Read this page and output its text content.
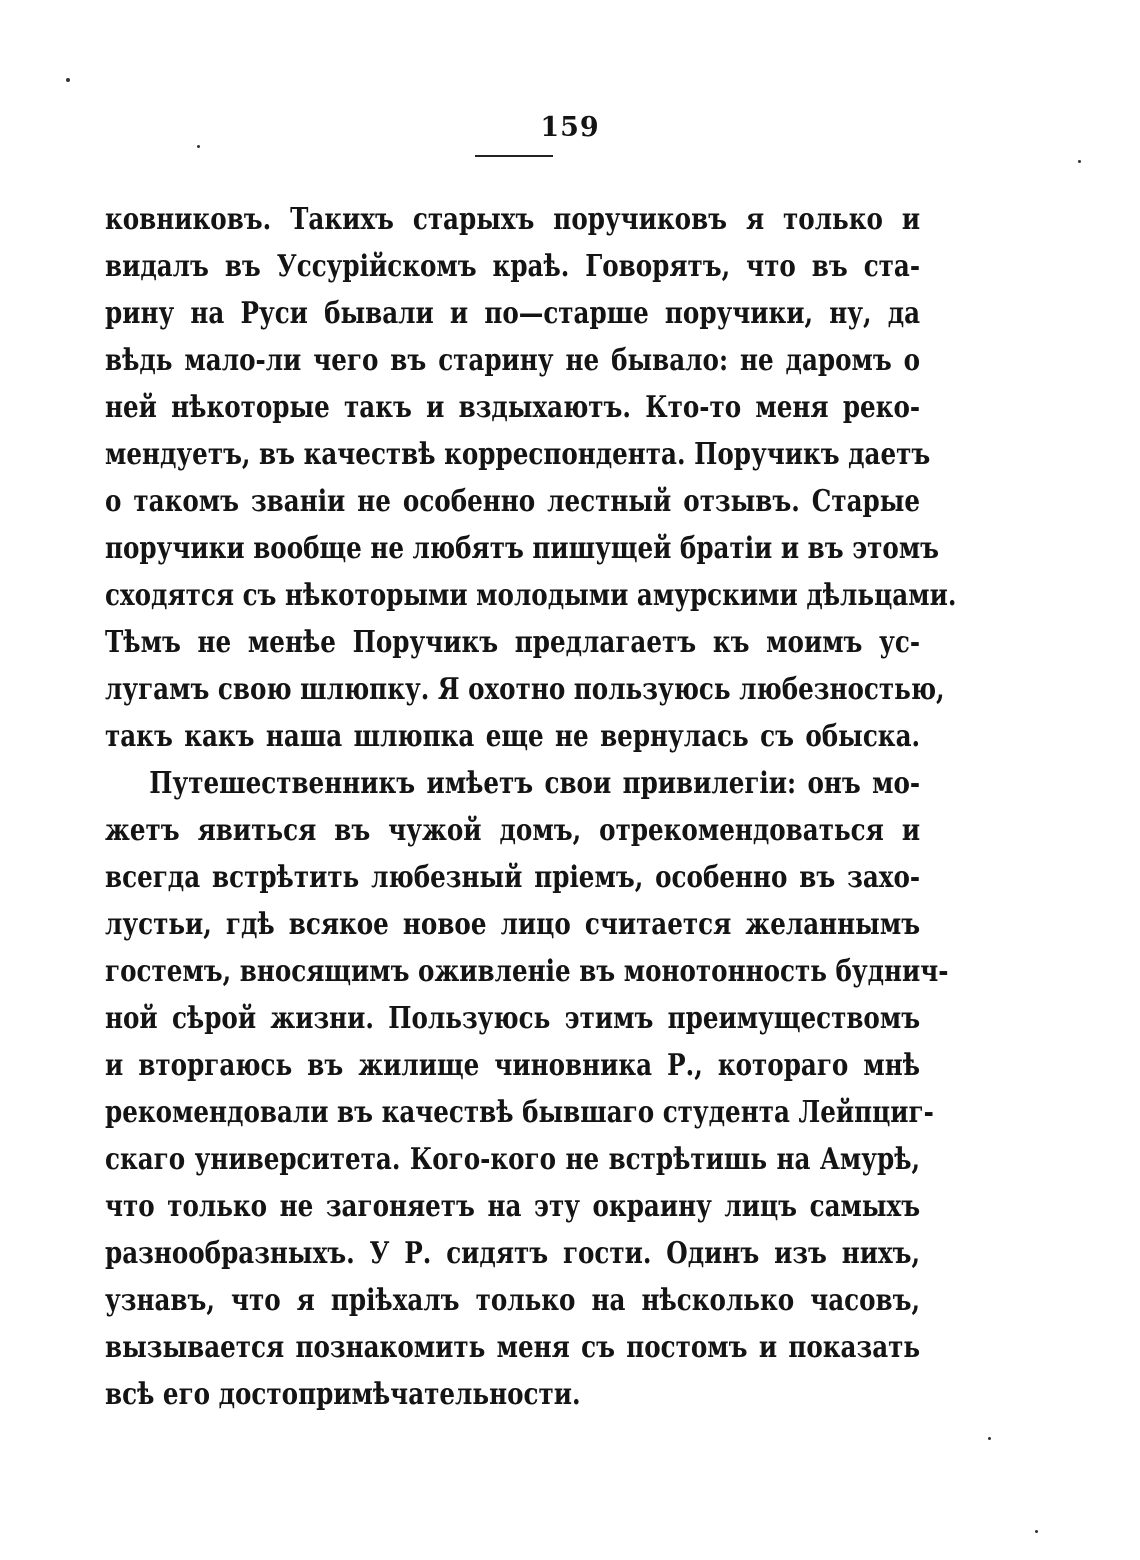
159
ковниковъ. Такихъ старыхъ поручиковъ я только и
видалъ въ Уссурійскомъ краѣ. Говорятъ, что въ ста-
рину на Руси бывали и по—старше поручики, ну, да
вѣдь мало-ли чего въ старину не бывало: не даромъ о
ней нѣкоторые такъ и вздыхаютъ. Кто-то меня реко-
мендуетъ, въ качествѣ корреспондента. Поручикъ даетъ
о такомъ званіи не особенно лестный отзывъ. Старые
поручики вообще не любятъ пишущей братіи и въ этомъ
сходятся съ нѣкоторыми молодыми амурскими дѣльцами.
Тѣмъ не менѣе Поручикъ предлагаетъ къ моимъ ус-
лугамъ свою шлюпку. Я охотно пользуюсь любезностью,
такъ какъ наша шлюпка еще не вернулась съ обыска.
Путешественникъ имѣетъ свои привилегіи: онъ мо-
жетъ явиться въ чужой домъ, отрекомендоваться и
всегда встрѣтить любезный пріемъ, особенно въ захо-
лустьи, гдѣ всякое новое лицо считается желаннымъ
гостемъ, вносящимъ оживленіе въ монотонность буднич-
ной сѣрой жизни. Пользуюсь этимъ преимуществомъ
и вторгаюсь въ жилище чиновника Р., котораго мнѣ
рекомендовали въ качествѣ бывшаго студента Лейпциг-
скаго университета. Кого-кого не встрѣтишь на Амурѣ,
что только не загоняетъ на эту окраину лицъ самыхъ
разнообразныхъ. У Р. сидятъ гости. Одинъ изъ нихъ,
узнавъ, что я пріѣхалъ только на нѣсколько часовъ,
вызывается познакомить меня съ постомъ и показать
всѣ его достопримѣчательности.
